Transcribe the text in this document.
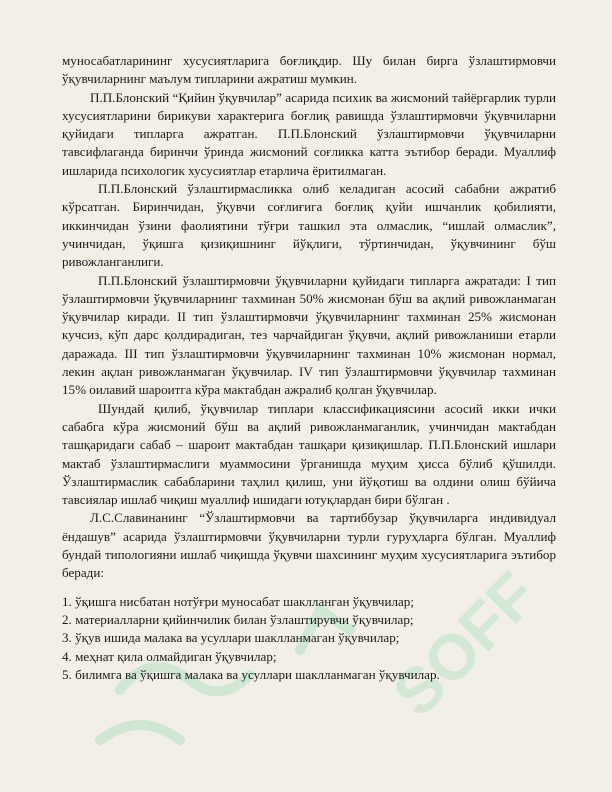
SOFF

муносабатларининг хусусиятларига боғлиқдир. Шу билан бирга ўзлаштирмовчи ўқувчиларнинг маълум типларини ажратиш мумкин.

П.П.Блонский “Қийин ўқувчилар” асарида психик ва жисмоний тайёргарлик турли хусусиятларини бирикуви характерига боғлиқ равишда ўзлаштирмовчи ўқувчиларни қуйидаги типларга ажратган. П.П.Блонский ўзлаштирмовчи ўқувчиларни тавсифлаганда биринчи ўринда жисмоний соғликка катта эътибор беради. Муаллиф ишларида психологик хусусиятлар етарлича ёритилмаган.

П.П.Блонский ўзлаштирмасликка олиб келадиган асосий сабабни ажратиб кўрсатган. Биринчидан, ўқувчи соғлиғига боғлиқ қуйи ишчанлик қобилияти, иккинчидан ўзини фаолиятини тўғри ташкил эта олмаслик, “ишлай олмаслик”, учинчидан, ўқишга қизиқишнинг йўқлиги, тўртинчидан, ўқувчининг бўш ривожланганлиги.

П.П.Блонский ўзлаштирмовчи ўқувчиларни қуйидаги типларга ажратади: I тип ўзлаштирмовчи ўқувчиларнинг тахминан 50% жисмонан бўш ва ақлий ривожланмаган ўқувчилар киради. II тип ўзлаштирмовчи ўқувчиларнинг тахминан 25% жисмонан кучсиз, кўп дарс қолдирадиган, тез чарчайдиган ўқувчи, ақлий ривожланиши етарли даражада. III тип ўзлаштирмовчи ўқувчиларнинг тахминан 10% жисмонан нормал, лекин ақлан ривожланмаган ўқувчилар. IV тип ўзлаштирмовчи ўқувчилар тахминан 15% оилавий шароитга кўра мактабдан ажралиб қолган ўқувчилар.

Шундай қилиб, ўқувчилар типлари классификациясини асосий икки ички сабабга кўра жисмоний бўш ва ақлий ривожланмаганлик, учинчидан мактабдан ташқаридаги сабаб – шароит мактабдан ташқари қизиқишлар. П.П.Блонский ишлари мактаб ўзлаштирмаслиги муаммосини ўрганишда муҳим ҳисса бўлиб қўшилди. Ўзлаштирмаслик сабабларини таҳлил қилиш, уни йўқотиш ва олдини олиш бўйича тавсиялар ишлаб чиқиш муаллиф ишидаги ютуқлардан бири бўлган .

Л.С.Славинанинг “Ўзлаштирмовчи ва тартиббузар ўқувчиларга индивидуал ёндашув” асарида ўзлаштирмовчи ўқувчиларни турли гуруҳларга бўлган. Муаллиф бундай типологияни ишлаб чиқишда ўқувчи шахсининг муҳим хусусиятларига эътибор беради:

1. ўқишга нисбатан нотўғри муносабат шаклланган ўқувчилар;

2. материалларни қийинчилик билан ўзлаштирувчи ўқувчилар;

3. ўқув ишида малака ва усуллари шаклланмаган ўқувчилар;

4. меҳнат қила олмайдиган ўқувчилар;

5. билимга ва ўқишга малака ва усуллари шаклланмаган ўқувчилар.
